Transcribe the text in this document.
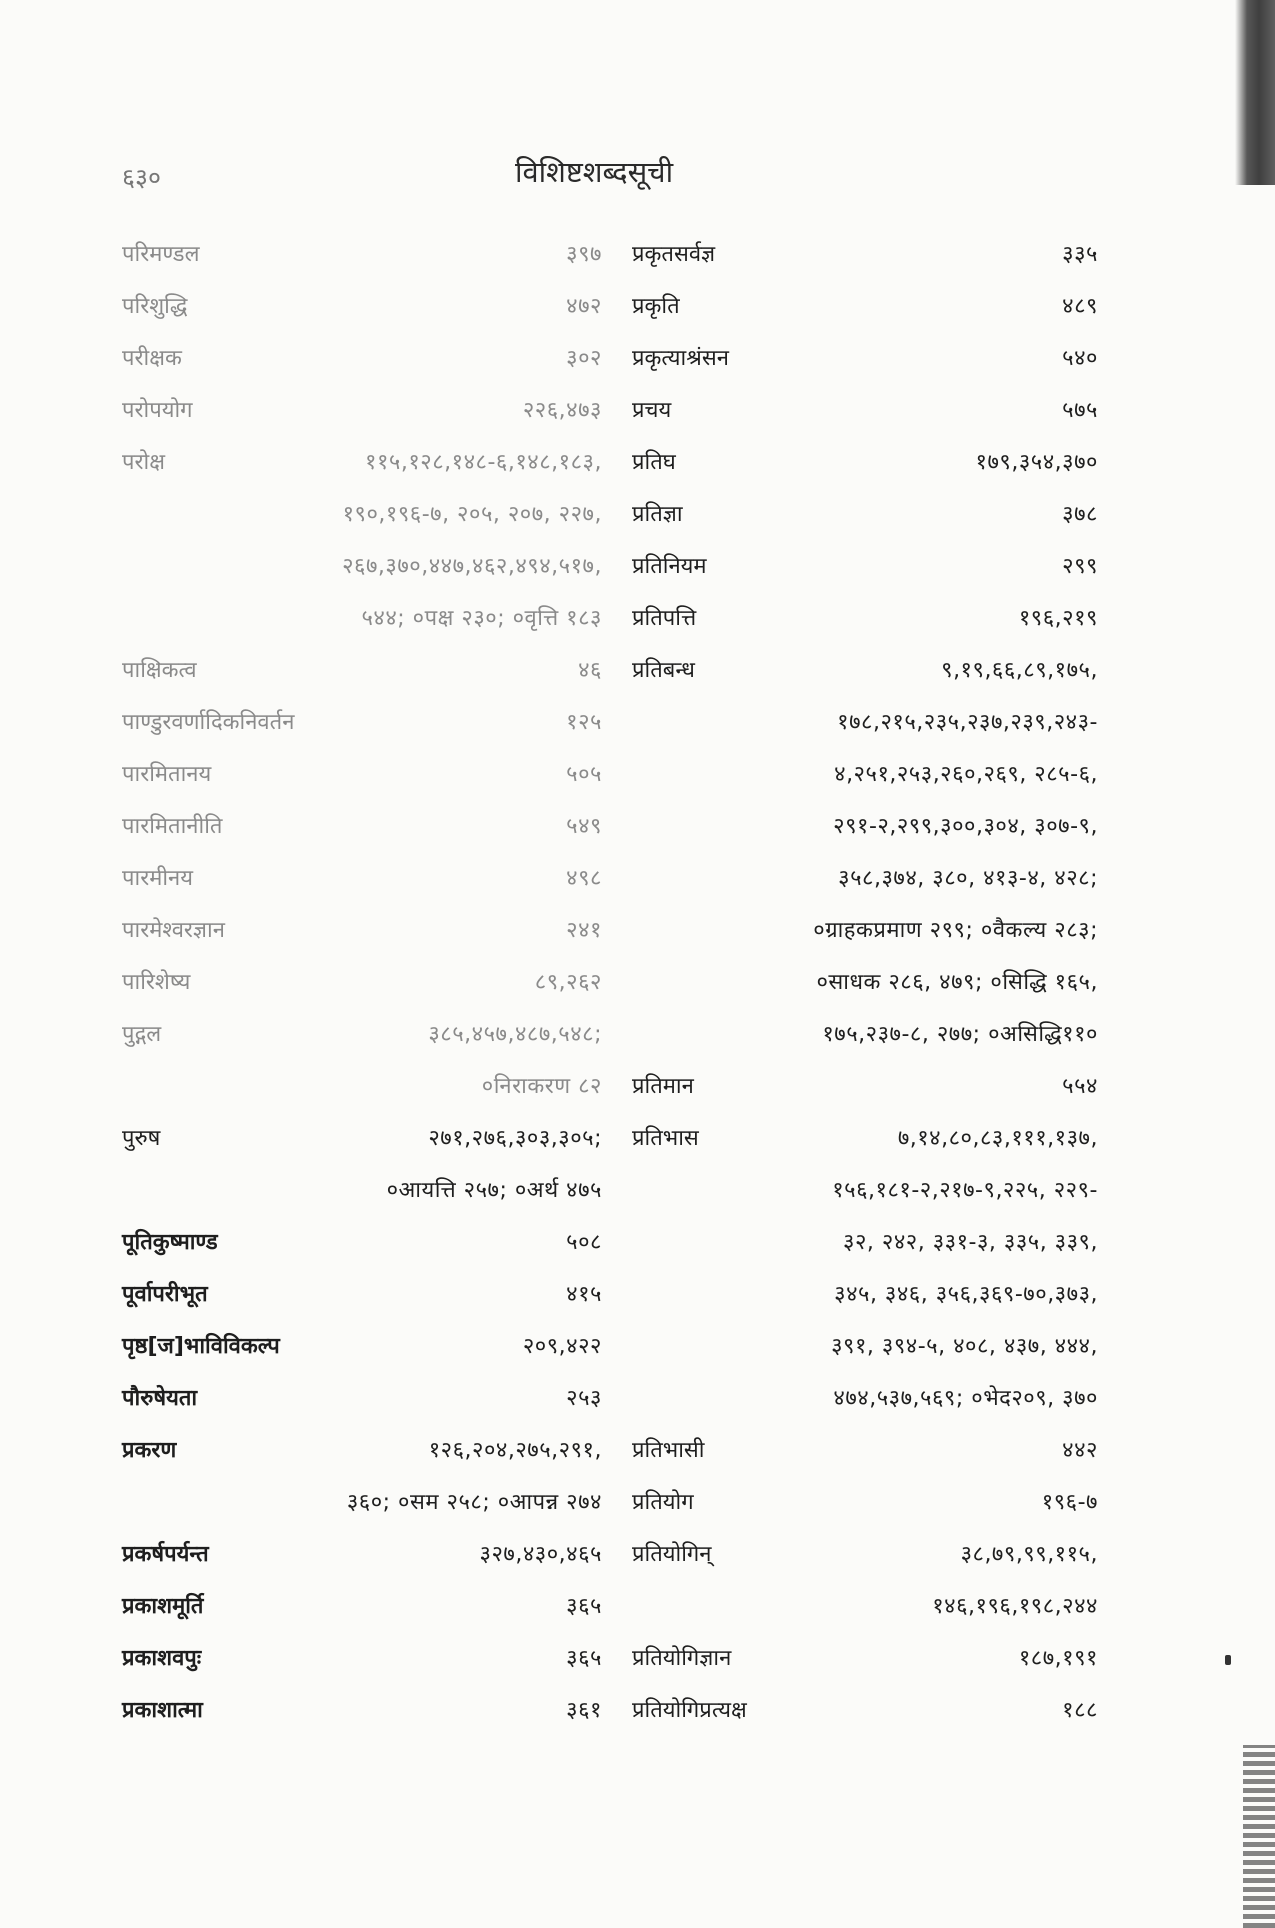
६३०	विशिष्टशब्दसूची
परिमण्डल	३९७
परिशुद्धि	४७२
परीक्षक	३०२
परोपयोग	२२६,४७३
परोक्ष	११५,१२८,१४८-६,१४८,१८३,
१९०,१९६-७, २०५, २०७, २२७,
२६७,३७०,४४७,४६२,४९४,५१७,
५४४; ०पक्ष २३०; ०वृत्ति १८३
पाक्षिकत्व	४६
पाण्डुरवर्णादिकनिवर्तन	१२५
पारमितानय	५०५
पारमितानीति	५४९
पारमीनय	४९८
पारमेश्वरज्ञान	२४१
पारिशेष्य	८९,२६२
पुद्गल	३८५,४५७,४८७,५४८;
०निराकरण ८२
पुरुष	२७१,२७६,३०३,३०५;
०आयत्ति २५७; ०अर्थ ४७५
पूतिकुष्माण्ड	५०८
पूर्वापरीभूत	४१५
पृष्ठ[ज]भाविविकल्प	२०९,४२२
पौरुषेयता	२५३
प्रकरण	१२६,२०४,२७५,२९१,
३६०; ०सम २५८; ०आपन्न २७४
प्रकर्षपर्यन्त	३२७,४३०,४६५
प्रकाशमूर्ति	३६५
प्रकाशवपुः	३६५
प्रकाशात्मा	३६१
प्रकृतसर्वज्ञ	३३५
प्रकृति	४८९
प्रकृत्याश्रंसन	५४०
प्रचय	५७५
प्रतिघ	१७९,३५४,३७०
प्रतिज्ञा	३७८
प्रतिनियम	२९९
प्रतिपत्ति	१९६,२१९
प्रतिबन्ध	९,१९,६६,८९,१७५,
१७८,२१५,२३५,२३७,२३९,२४३-
४,२५१,२५३,२६०,२६९, २८५-६,
२९१-२,२९९,३००,३०४, ३०७-९,
३५८,३७४, ३८०, ४१३-४, ४२८;
०ग्राहकप्रमाण २९९; ०वैकल्य २८३;
०साधक २८६, ४७९; ०सिद्धि १६५,
१७५,२३७-८, २७७; ०असिद्धि११०
प्रतिमान	५५४
प्रतिभास	७,१४,८०,८३,१११,१३७,
१५६,१८१-२,२१७-९,२२५, २२९-
३२, २४२, ३३१-३, ३३५, ३३९,
३४५, ३४६, ३५६,३६९-७०,३७३,
३९१, ३९४-५, ४०८, ४३७, ४४४,
४७४,५३७,५६९; ०भेद२०९, ३७०
प्रतिभासी	४४२
प्रतियोग	१९६-७
प्रतियोगिन्	३८,७९,९९,११५,
१४६,१९६,१९८,२४४
प्रतियोगिज्ञान	१८७,१९१
प्रतियोगिप्रत्यक्ष	१८८
